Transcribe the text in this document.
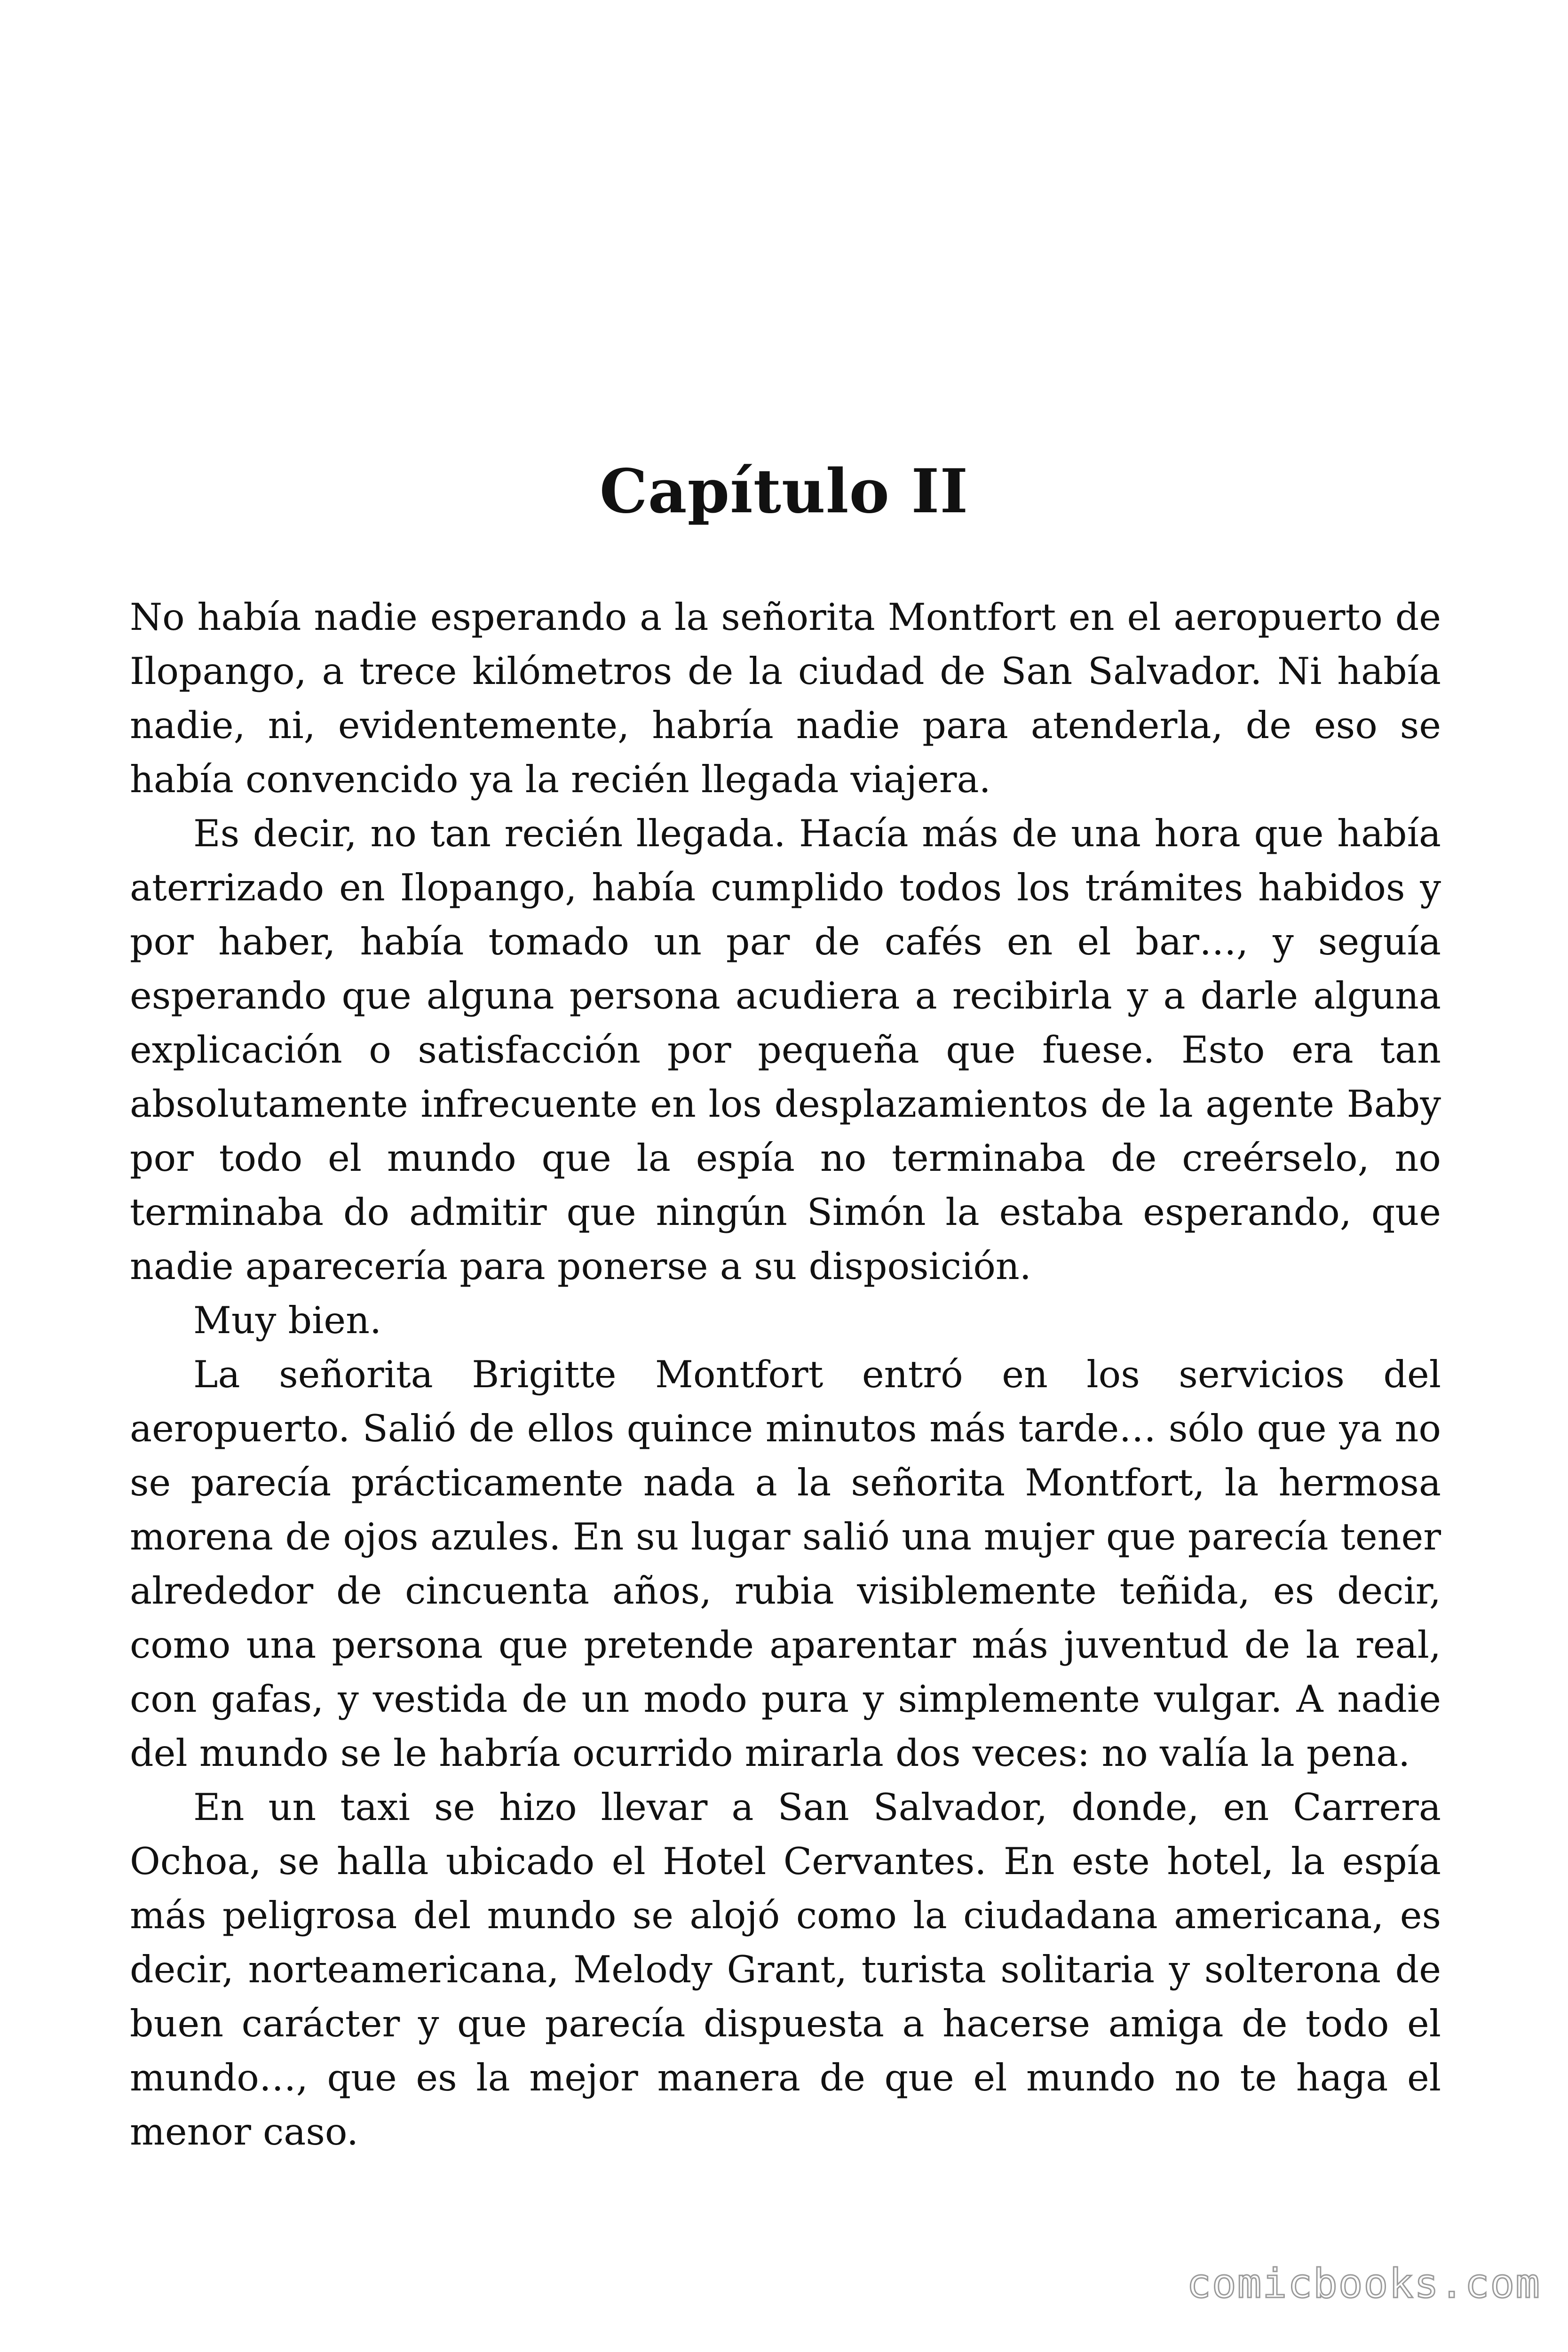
Capítulo II

No había nadie esperando a la señorita Montfort en el aeropuerto de Ilopango, a trece kilómetros de la ciudad de San Salvador. Ni había nadie, ni, evidentemente, habría nadie para atenderla, de eso se había convencido ya la recién llegada viajera.

Es decir, no tan recién llegada. Hacía más de una hora que había aterrizado en Ilopango, había cumplido todos los trámites habidos y por haber, había tomado un par de cafés en el bar…, y seguía esperando que alguna persona acudiera a recibirla y a darle alguna explicación o satisfacción por pequeña que fuese. Esto era tan absolutamente infrecuente en los desplazamientos de la agente Baby por todo el mundo que la espía no terminaba de creérselo, no terminaba do admitir que ningún Simón la estaba esperando, que nadie aparecería para ponerse a su disposición.

Muy bien.

La señorita Brigitte Montfort entró en los servicios del aeropuerto. Salió de ellos quince minutos más tarde… sólo que ya no se parecía prácticamente nada a la señorita Montfort, la hermosa morena de ojos azules. En su lugar salió una mujer que parecía tener alrededor de cincuenta años, rubia visiblemente teñida, es decir, como una persona que pretende aparentar más juventud de la real, con gafas, y vestida de un modo pura y simplemente vulgar. A nadie del mundo se le habría ocurrido mirarla dos veces: no valía la pena.

En un taxi se hizo llevar a San Salvador, donde, en Carrera Ochoa, se halla ubicado el Hotel Cervantes. En este hotel, la espía más peligrosa del mundo se alojó como la ciudadana americana, es decir, norteamericana, Melody Grant, turista solitaria y solterona de buen carácter y que parecía dispuesta a hacerse amiga de todo el mundo…, que es la mejor manera de que el mundo no te haga el menor caso.

comicbooks.com
